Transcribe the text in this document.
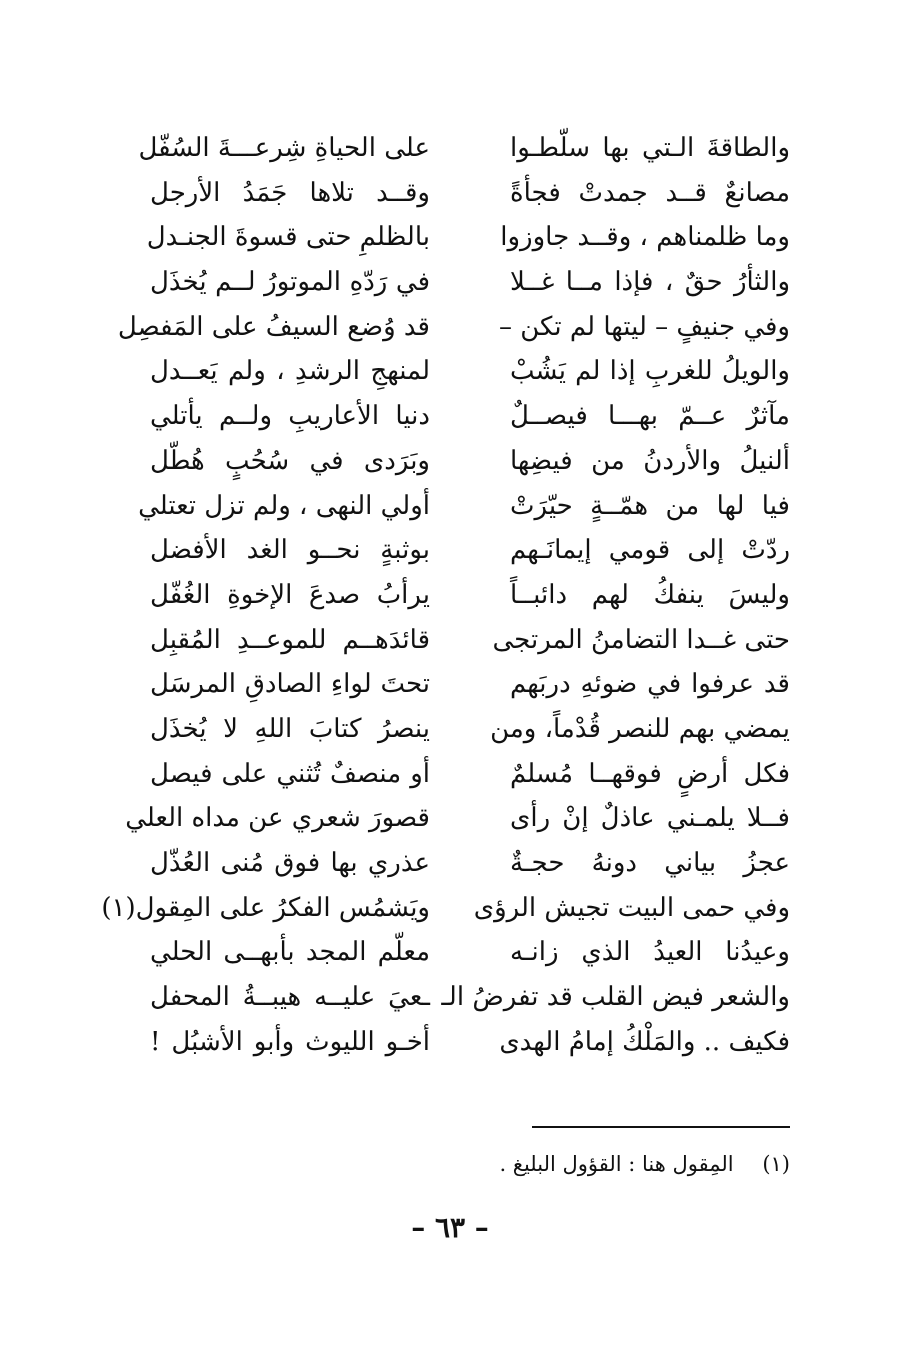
والطاقةَ الـتي بها سلّطـوا
مصانعٌ قــد جمدتْ فجأةً
وما ظلمناهم ، وقــد جاوزوا
والثأرُ حقٌ ، فإذا مــا غــلا
وفي جنيفٍ – ليتها لم تكن –
والويلُ للغربِ إذا لم يَشُبْ
مآثرٌ عــمّ بهـــا فيصــلٌ
ألنيلُ والأردنُ من فيضِها
فيا لها من همّــةٍ حيّرَتْ
ردّتْ إلى قومي إيمانَـهم
وليسَ ينفكُ لهم دائبــاً
حتى غــدا التضامنُ المرتجى
قد عرفوا في ضوئهِ دربَهم
يمضي بهم للنصر قُدْماً، ومن
فكل أرضٍ فوقهــا مُسلمٌ
فــلا يلمـني عاذلٌ إنْ رأى
عجزُ بياني دونهُ حجـةٌ
وفي حمى البيت تجيش الرؤى
وعيدُنا العيدُ الذي زانـه
والشعر فيض القلب قد تفرضُ الـ
فكيف .. والمَلْكُ إمامُ الهدى
على الحياةِ شِرعـــةَ السُفّل
وقــد تلاها جَمَدُ الأرجل
بالظلمِ حتى قسوةَ الجنـدل
في رَدّهِ الموتورُ لــم يُخذَل
قد وُضع السيفُ على المَفصِل
لمنهجِ الرشدِ ، ولم يَعــدل
دنيا الأعاريبِ ولــم يأتلي
وبَرَدى في سُحُبٍ هُطّل
أولي النهى ، ولم تزل تعتلي
بوثبةٍ نحــو الغد الأفضل
يرأبُ صدعَ الإخوةِ الغُفّل
قائدَهــم للموعــدِ المُقبِل
تحتَ لواءِ الصادقِ المرسَل
ينصرُ كتابَ اللهِ لا يُخذَل
أو منصفٌ تُثني على فيصل
قصورَ شعري عن مداه العلي
عذري بها فوق مُنى العُذّل
ويَشمُس الفكرُ على المِقول(١)
معلّم المجد بأبهــى الحلي
ـعيَ عليــه هيبــةُ المحفل
أخـو الليوث وأبو الأشبُل !
(١) المِقول هنا : القؤول البليغ .
– ٦٣ –
